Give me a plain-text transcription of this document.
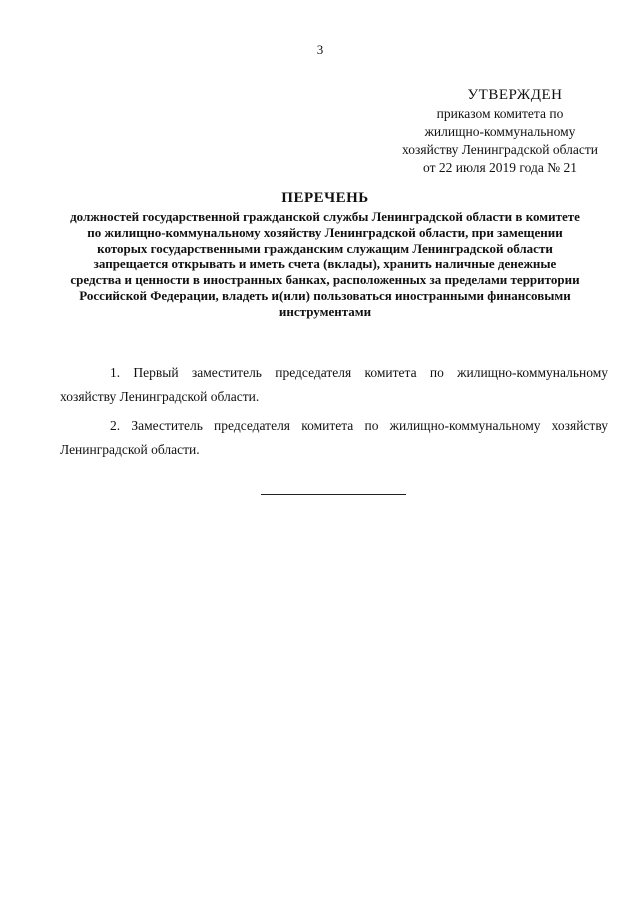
3
УТВЕРЖДЕН
приказом комитета по
жилищно-коммунальному
хозяйству Ленинградской области
от 22 июля 2019 года № 21
ПЕРЕЧЕНЬ
должностей государственной гражданской службы Ленинградской области в комитете по жилищно-коммунальному хозяйству Ленинградской области, при замещении которых государственными гражданским служащим Ленинградской области запрещается открывать и иметь счета (вклады), хранить наличные денежные средства и ценности в иностранных банках, расположенных за пределами территории Российской Федерации, владеть и(или) пользоваться иностранными финансовыми инструментами

1. Первый заместитель председателя комитета по жилищно-коммунальному хозяйству Ленинградской области.

2. Заместитель председателя комитета по жилищно-коммунальному хозяйству Ленинградской области.
